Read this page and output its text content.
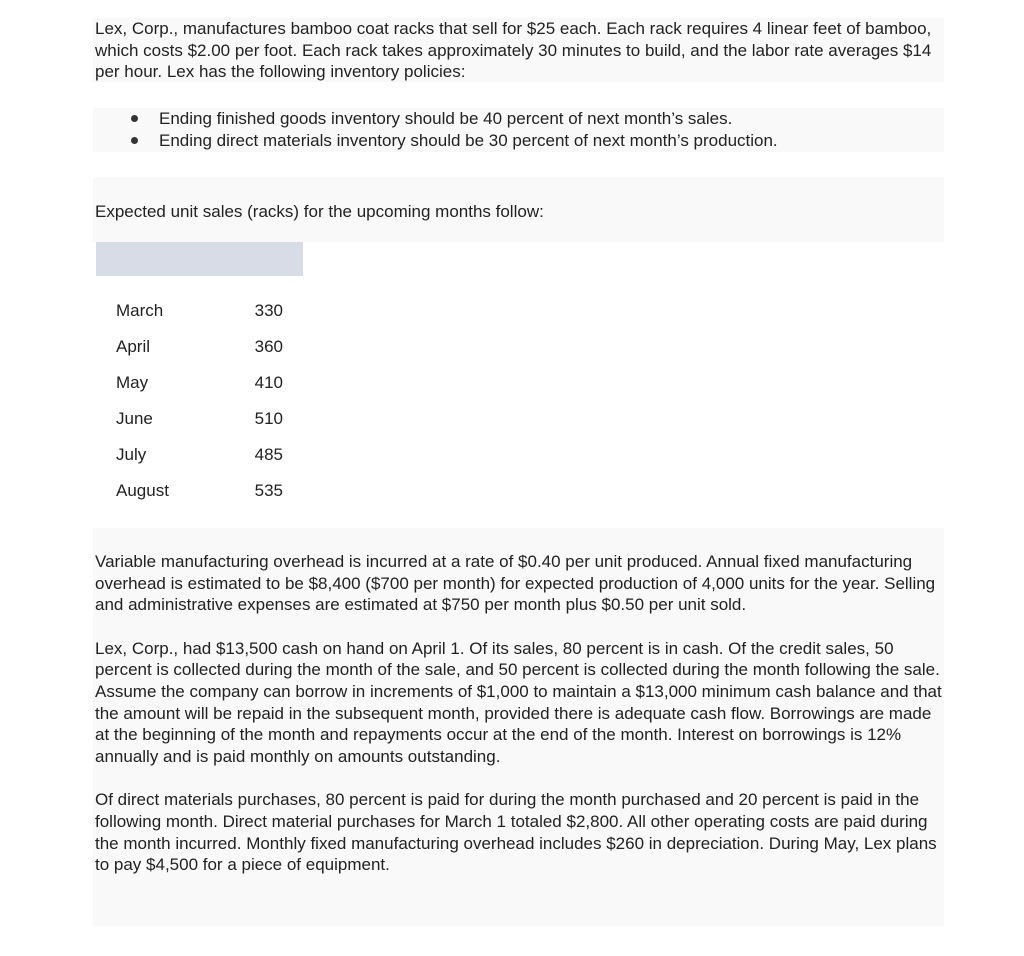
Lex, Corp., manufactures bamboo coat racks that sell for $25 each. Each rack requires 4 linear feet of bamboo, which costs $2.00 per foot. Each rack takes approximately 30 minutes to build, and the labor rate averages $14 per hour. Lex has the following inventory policies:

Ending finished goods inventory should be 40 percent of next month’s sales.
Ending direct materials inventory should be 30 percent of next month’s production.

Expected unit sales (racks) for the upcoming months follow:

March	330
April	360
May	410
June	510
July	485
August	535

Variable manufacturing overhead is incurred at a rate of $0.40 per unit produced. Annual fixed manufacturing overhead is estimated to be $8,400 ($700 per month) for expected production of 4,000 units for the year. Selling and administrative expenses are estimated at $750 per month plus $0.50 per unit sold.

Lex, Corp., had $13,500 cash on hand on April 1. Of its sales, 80 percent is in cash. Of the credit sales, 50 percent is collected during the month of the sale, and 50 percent is collected during the month following the sale. Assume the company can borrow in increments of $1,000 to maintain a $13,000 minimum cash balance and that the amount will be repaid in the subsequent month, provided there is adequate cash flow. Borrowings are made at the beginning of the month and repayments occur at the end of the month. Interest on borrowings is 12% annually and is paid monthly on amounts outstanding.

Of direct materials purchases, 80 percent is paid for during the month purchased and 20 percent is paid in the following month. Direct material purchases for March 1 totaled $2,800. All other operating costs are paid during the month incurred. Monthly fixed manufacturing overhead includes $260 in depreciation. During May, Lex plans to pay $4,500 for a piece of equipment.
